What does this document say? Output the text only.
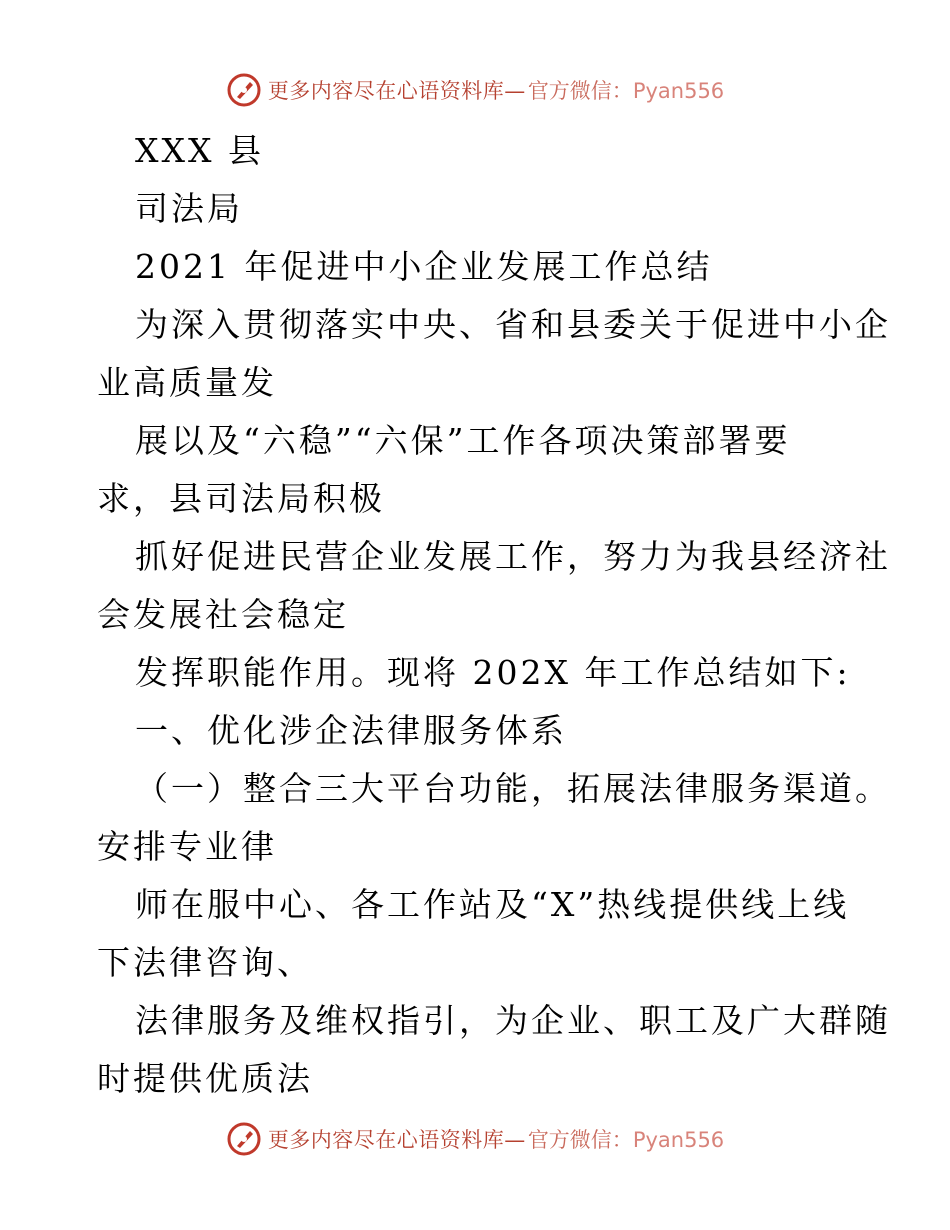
更多内容尽在心语资料库— 官方微信：Pyan556
XXX 县
司法局
2021 年促进中小企业发展工作总结
为深入贯彻落实中央、省和县委关于促进中小企
业高质量发
展以及“六稳”“六保”工作各项决策部署要
求，县司法局积极
抓好促进民营企业发展工作，努力为我县经济社
会发展社会稳定
发挥职能作用。现将 202X 年工作总结如下:
一、优化涉企法律服务体系
（一）整合三大平台功能，拓展法律服务渠道。
安排专业律
师在服中心、各工作站及“X”热线提供线上线
下法律咨询、
法律服务及维权指引，为企业、职工及广大群随
时提供优质法
更多内容尽在心语资料库— 官方微信：Pyan556
